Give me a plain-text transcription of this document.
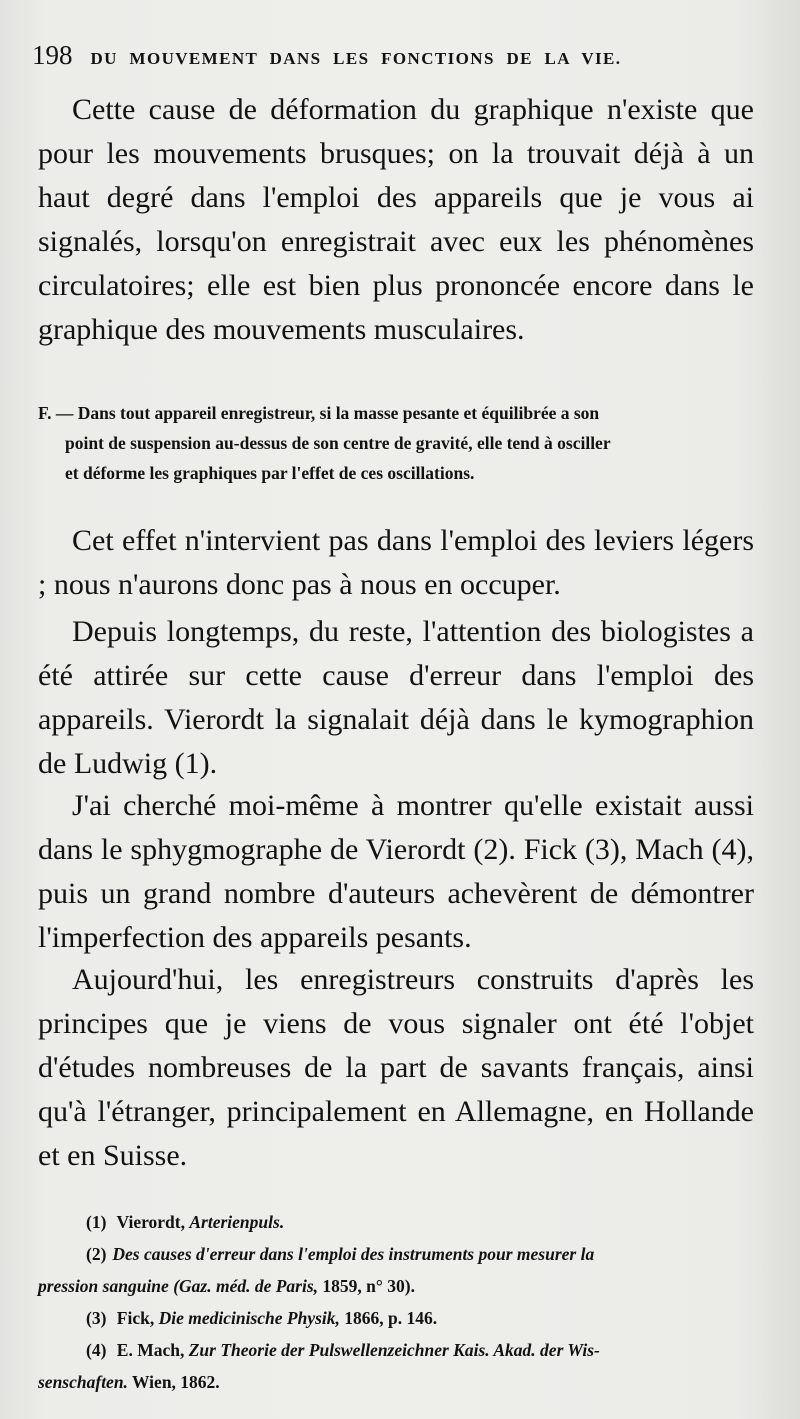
198 DU MOUVEMENT DANS LES FONCTIONS DE LA VIE.

Cette cause de déformation du graphique n'existe que pour les mouvements brusques; on la trouvait déjà à un haut degré dans l'emploi des appareils que je vous ai signalés, lorsqu'on enregistrait avec eux les phénomènes circulatoires; elle est bien plus prononcée encore dans le graphique des mouvements musculaires.

F. — Dans tout appareil enregistreur, si la masse pesante et équilibrée a son
point de suspension au-dessus de son centre de gravité, elle tend à osciller
et déforme les graphiques par l'effet de ces oscillations.

Cet effet n'intervient pas dans l'emploi des leviers légers ; nous n'aurons donc pas à nous en occuper.

Depuis longtemps, du reste, l'attention des biologistes a été attirée sur cette cause d'erreur dans l'emploi des appareils. Vierordt la signalait déjà dans le kymographion de Ludwig (1).

J'ai cherché moi-même à montrer qu'elle existait aussi dans le sphygmographe de Vierordt (2). Fick (3), Mach (4), puis un grand nombre d'auteurs achevèrent de démontrer l'imperfection des appareils pesants.

Aujourd'hui, les enregistreurs construits d'après les principes que je viens de vous signaler ont été l'objet d'études nombreuses de la part de savants français, ainsi qu'à l'étranger, principalement en Allemagne, en Hollande et en Suisse.

(1) Vierordt, Arterienpuls.
(2) Des causes d'erreur dans l'emploi des instruments pour mesurer la
pression sanguine (Gaz. méd. de Paris, 1859, n° 30).
(3) Fick, Die medicinische Physik, 1866, p. 146.
(4) E. Mach, Zur Theorie der Pulswellenzeichner Kais. Akad. der Wis-
senschaften. Wien, 1862.
